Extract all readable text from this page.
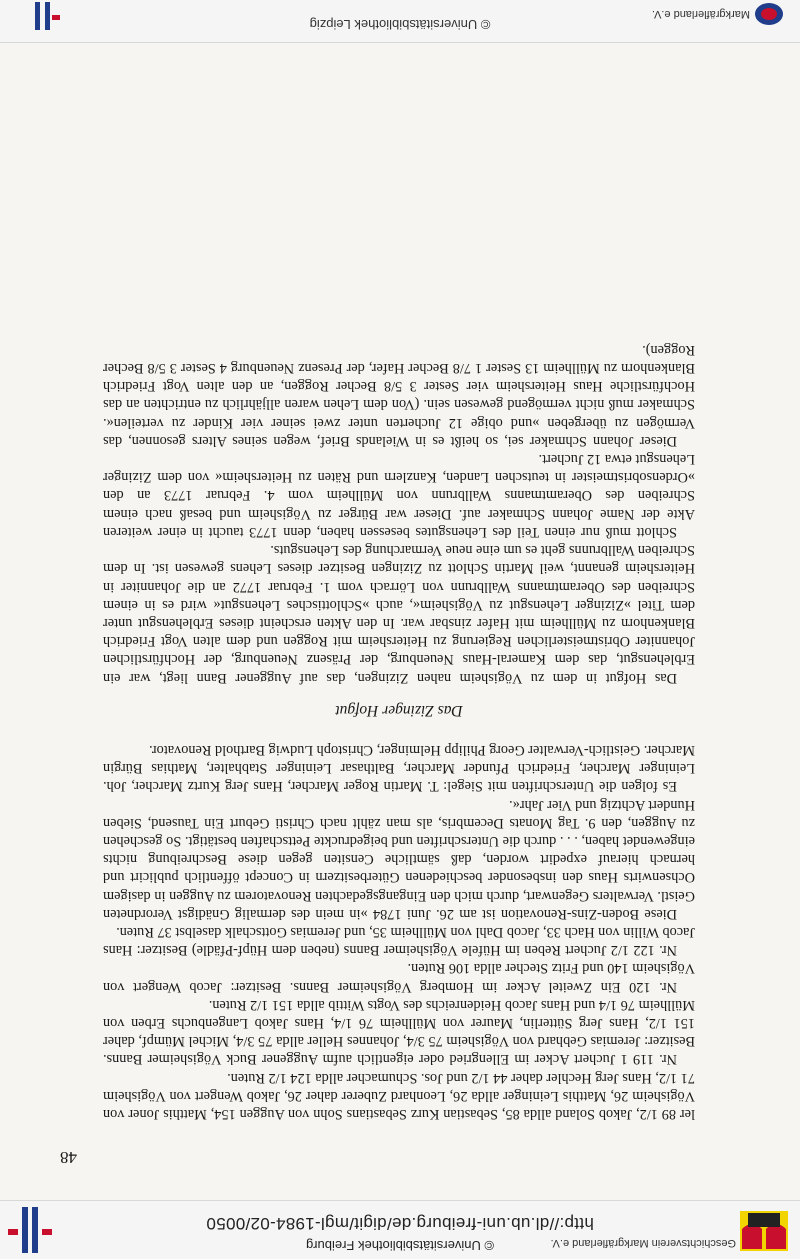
Geschichtsverein Markgräflerland e.V.
© Universitätsbibliothek Freiburg
http://dl.ub.uni-freiburg.de/digit/mgl-1984-02/0050
48

ler 89 1/2, Jakob Soland allda 85, Sebastian Kurz Sebastians Sohn von Auggen 154, Matthis Joner von Vögisheim 26, Matthis Leininger allda 26, Leonhard Zuberer daher 26, Jakob Wengert von Vögisheim 71 1/2, Hans Jerg Hechler daher 44 1/2 und Jos. Schumacher allda 124 1/2 Ruten.

Nr. 119 1 Juchert Acker im Ellengried oder eigentlich aufm Auggener Buck Vögisheimer Banns. Besitzer: Jeremias Gebhard von Vögisheim 75 3/4, Johannes Heller allda 75 3/4, Michel Mümpf, daher 151 1/2, Hans Jerg Sütterlin, Maurer von Müllheim 76 1/4, Hans Jakob Langenbuchs Erben von Müllheim 76 1/4 und Hans Jacob Heidenreichs des Vogts Wittib allda 151 1/2 Ruten.

Nr. 120 Ein Zweitel Acker im Homberg Vögisheimer Banns. Besitzer: Jacob Wengert von Vögisheim 140 und Fritz Stecher allda 106 Ruten.

Nr. 122 1/2 Juchert Reben im Hüfele Vögisheimer Banns (neben dem Hüpf-Pfädle) Besitzer: Hans Jacob Willin von Hach 33, Jacob Dahl von Müllheim 35, und Jeremias Gottschalk daselbst 37 Ruten.

Diese Boden-Zins-Renovation ist am 26. Juni 1784 »in mein des dermalig Gnädigst Verordneten Geistl. Verwalters Gegenwart, durch mich den Eingangsgedachten Renovatorem zu Auggen in dasigem Ochsenwirts Haus den insbesonder beschiedenen Güterbesitzern in Concept öffentlich publicirt und hernach hierauf expedirt worden, daß sämtliche Censiten gegen diese Beschreibung nichts eingewendet haben, . . . durch die Unterschriften und beigedruckte Pettschaften bestätigt. So geschehen zu Auggen, den 9. Tag Monats Decembris, als man zählt nach Christi Geburt Ein Tausend, Sieben Hundert Achtzig und Vier Jahr«.

Es folgen die Unterschriften mit Siegel: T. Martin Roger Marcher, Hans Jerg Kurtz Marcher, Joh. Leininger Marcher, Friedrich Pfunder Marcher, Balthasar Leininger Stabhalter, Mathias Bürgin Marcher. Geistlich-Verwalter Georg Philipp Helminger, Christoph Ludwig Barthold Renovator.

Das Zizinger Hofgut

Das Hofgut in dem zu Vögisheim nahen Zizingen, das auf Auggener Bann liegt, war ein Erblehensgut, das dem Kameral-Haus Neuenburg, der Präsenz Neuenburg, der Hochfürstlichen Johanniter Obristmeisterlichen Regierung zu Heitersheim mit Roggen und dem alten Vogt Friedrich Blankenhorn zu Müllheim mit Hafer zinsbar war. In den Akten erscheint dieses Erblehensgut unter dem Titel »Zizinger Lehensgut zu Vögisheim«, auch »Schlottisches Lehensgut« wird es in einem Schreiben des Oberamtmanns Wallbrunn von Lörrach vom 1. Februar 1772 an die Johanniter in Heitersheim genannt, weil Martin Schlott zu Zizingen Besitzer dieses Lehens gewesen ist. In dem Schreiben Wallbrunns geht es um eine neue Vermarchung des Lehensguts.

Schlott muß nur einen Teil des Lehensgutes besessen haben, denn 1773 taucht in einer weiteren Akte der Name Johann Schmaker auf. Dieser war Bürger zu Vögisheim und besaß nach einem Schreiben des Oberamtmanns Wallbrunn von Müllheim vom 4. Februar 1773 an den »Ordensobristmeister in teutschen Landen, Kanzlern und Räten zu Heitersheim« von dem Zizinger Lehensgut etwa 12 Juchert.

Dieser Johann Schmaker sei, so heißt es in Wielands Brief, wegen seines Alters gesonnen, das Vermögen zu übergeben »und obige 12 Jucherten unter zwei seiner vier Kinder zu verteilen«. Schmaker muß nicht vermögend gewesen sein. (Von dem Lehen waren alljährlich zu entrichten an das Hochfürstliche Haus Heitersheim vier Sester 3 5/8 Becher Roggen, an den alten Vogt Friedrich Blankenhorn zu Müllheim 13 Sester 1 7/8 Becher Hafer, der Presenz Neuenburg 4 Sester 3 5/8 Becher Roggen).

© Universitätsbibliothek Leipzig
Markgräflerland e.V.
